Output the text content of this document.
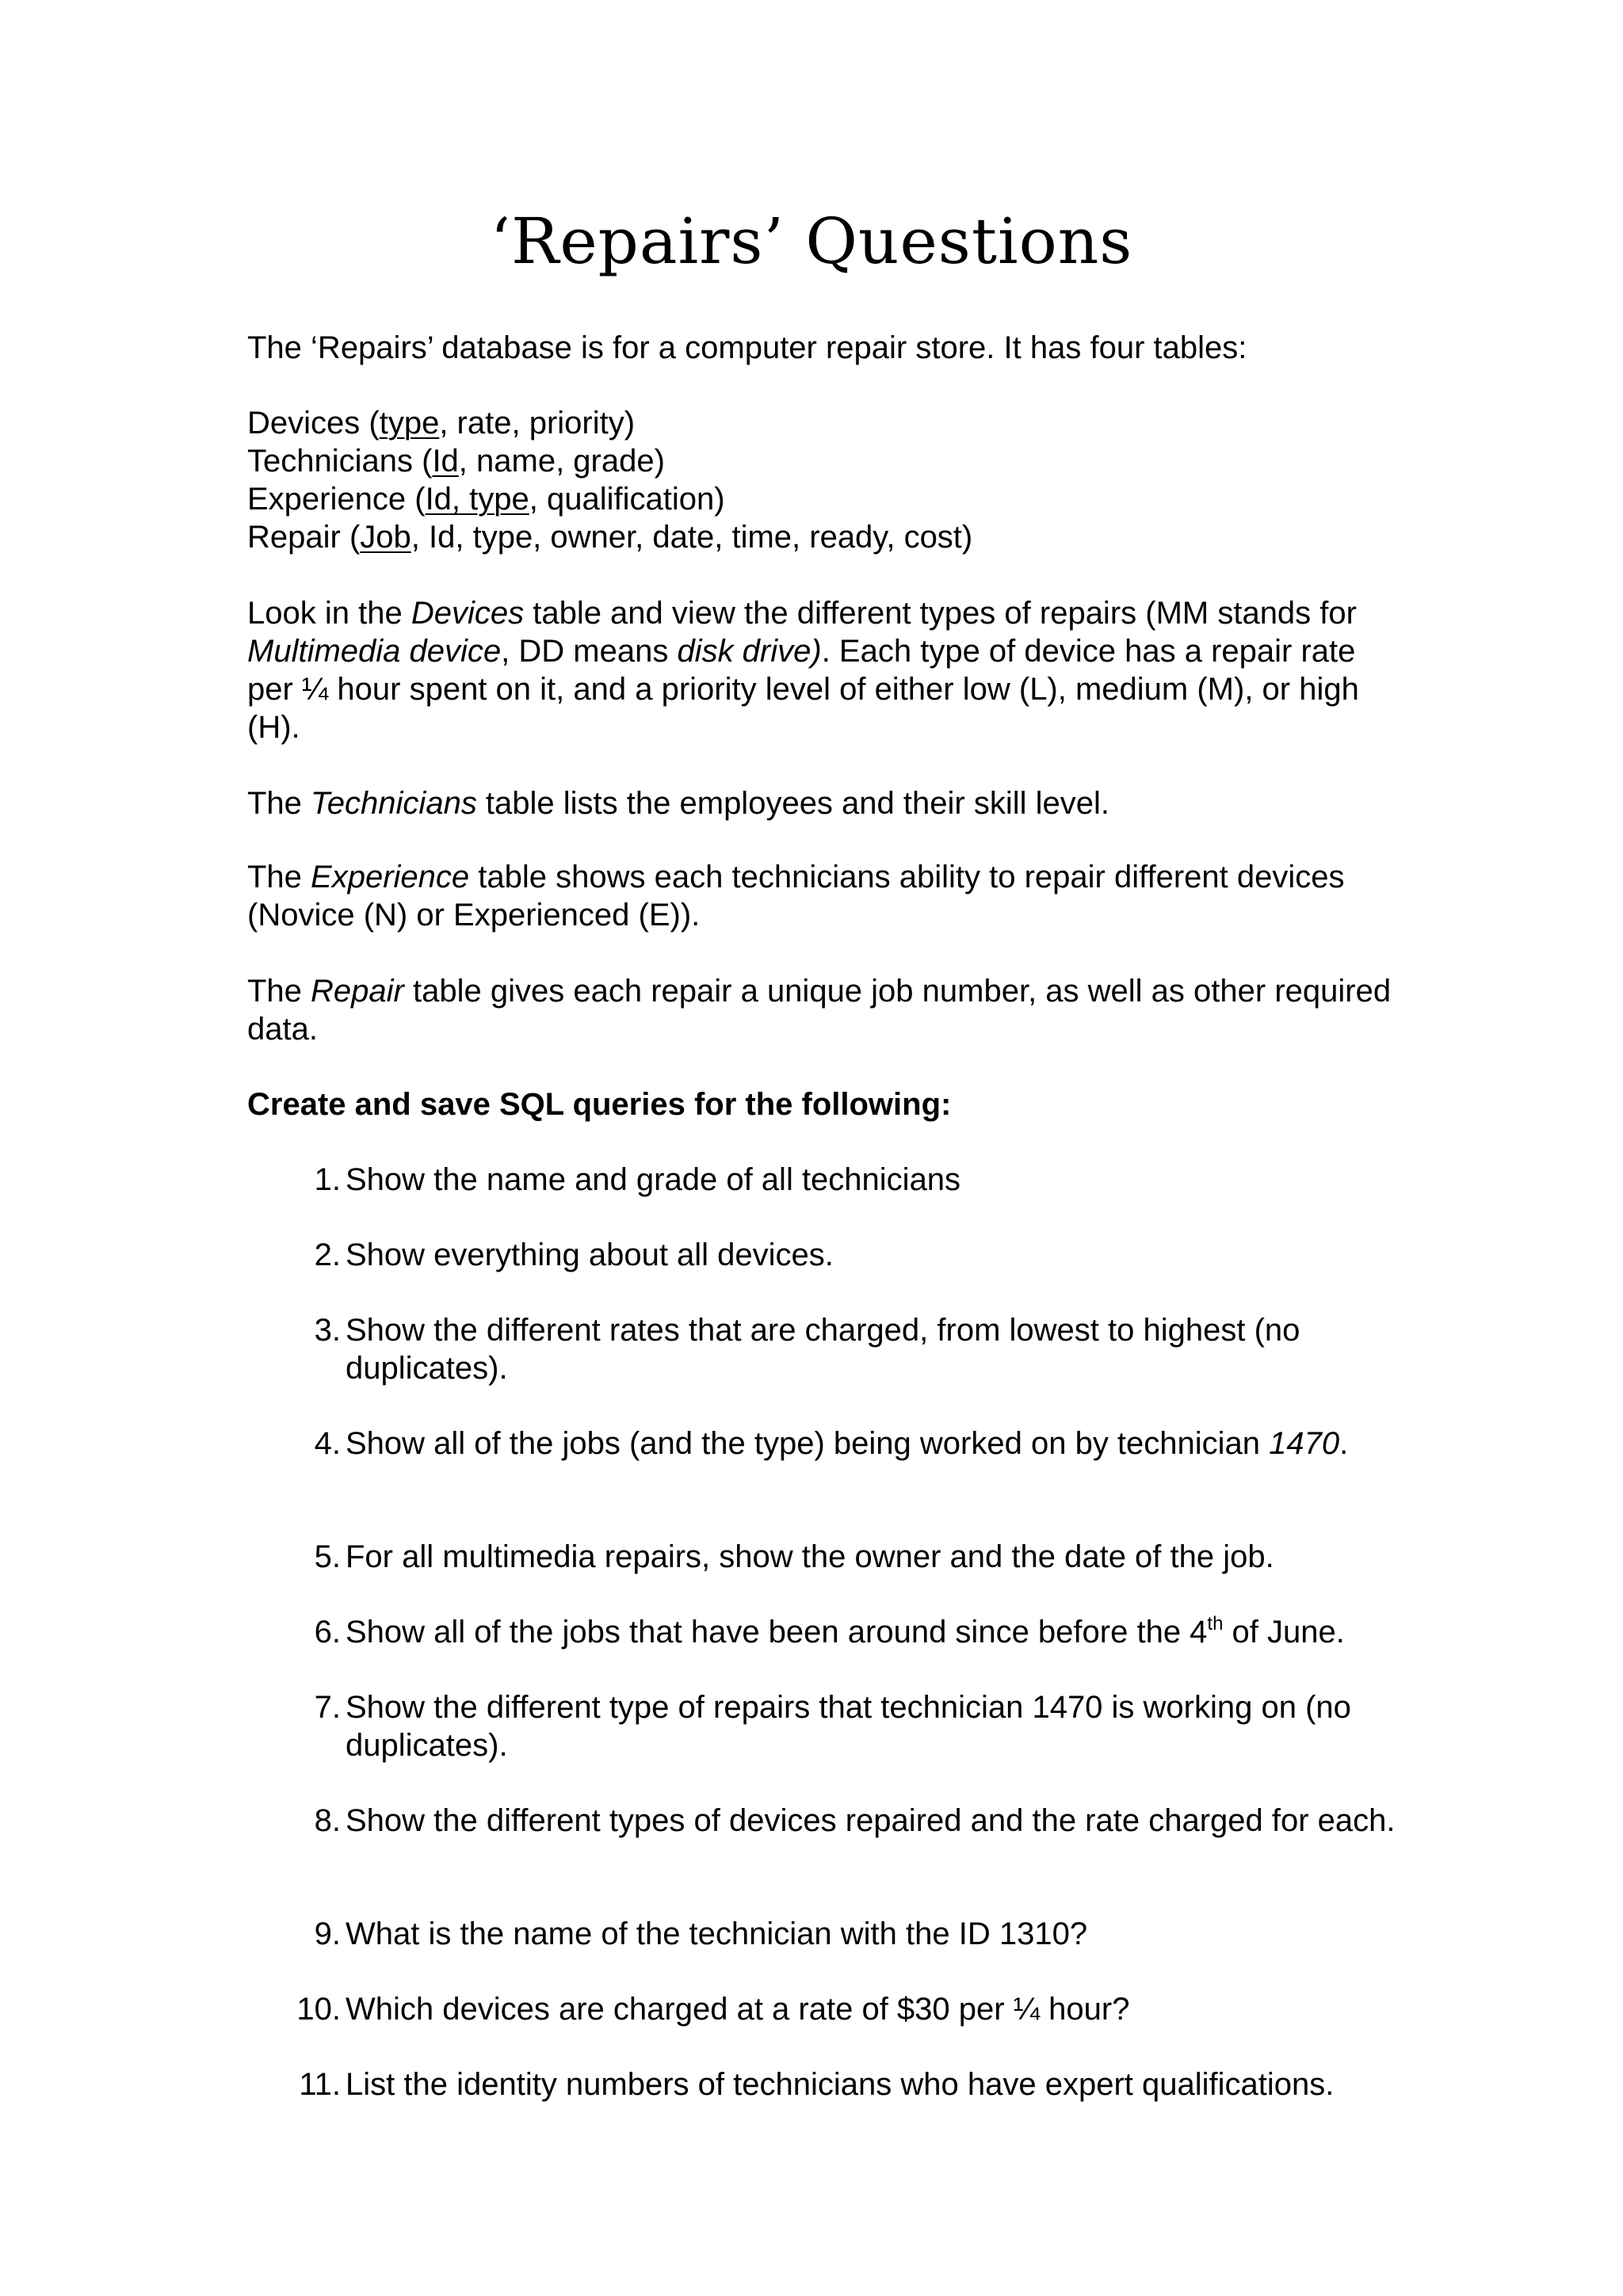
‘Repairs’ Questions

The ‘Repairs’ database is for a computer repair store. It has four tables:

Devices (type, rate, priority)
Technicians (Id, name, grade)
Experience (Id, type, qualification)
Repair (Job, Id, type, owner, date, time, ready, cost)

Look in the Devices table and view the different types of repairs (MM stands for Multimedia device, DD means disk drive). Each type of device has a repair rate per ¼ hour spent on it, and a priority level of either low (L), medium (M), or high (H).

The Technicians table lists the employees and their skill level.

The Experience table shows each technicians ability to repair different devices (Novice (N) or Experienced (E)).

The Repair table gives each repair a unique job number, as well as other required data.

Create and save SQL queries for the following:

1. Show the name and grade of all technicians
2. Show everything about all devices.
3. Show the different rates that are charged, from lowest to highest (no duplicates).
4. Show all of the jobs (and the type) being worked on by technician 1470.
5. For all multimedia repairs, show the owner and the date of the job.
6. Show all of the jobs that have been around since before the 4th of June.
7. Show the different type of repairs that technician 1470 is working on (no duplicates).
8. Show the different types of devices repaired and the rate charged for each.
9. What is the name of the technician with the ID 1310?
10. Which devices are charged at a rate of $30 per ¼ hour?
11. List the identity numbers of technicians who have expert qualifications.
